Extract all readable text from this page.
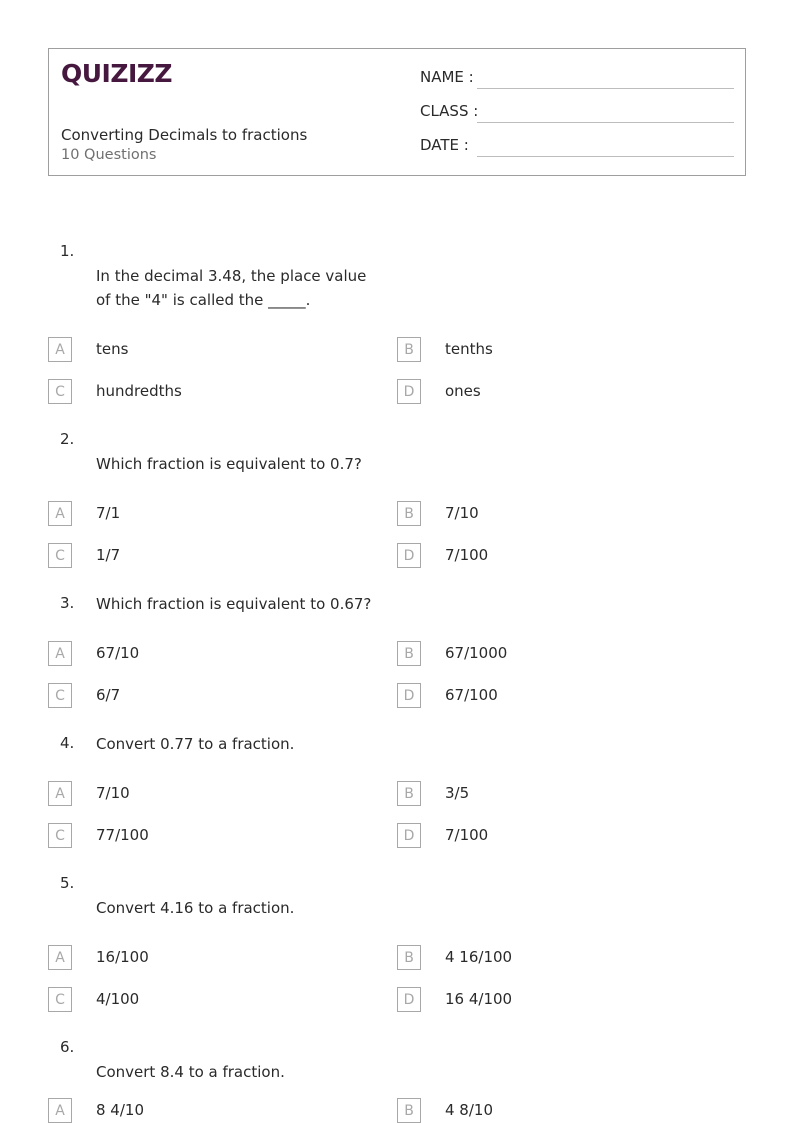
QUIZIZZ
Converting Decimals to fractions
10 Questions
NAME :
CLASS :
DATE :
1.
In the decimal 3.48, the place value
of the "4" is called the _____.
A	tens	B	tenths
C	hundredths	D	ones
2.
Which fraction is equivalent to 0.7?
A	7/1	B	7/10
C	1/7	D	7/100
3. Which fraction is equivalent to 0.67?
A	67/10	B	67/1000
C	6/7	D	67/100
4. Convert 0.77 to a fraction.
A	7/10	B	3/5
C	77/100	D	7/100
5.
Convert 4.16 to a fraction.
A	16/100	B	4 16/100
C	4/100	D	16 4/100
6.
Convert 8.4 to a fraction.
A	8 4/10	B	4 8/10
